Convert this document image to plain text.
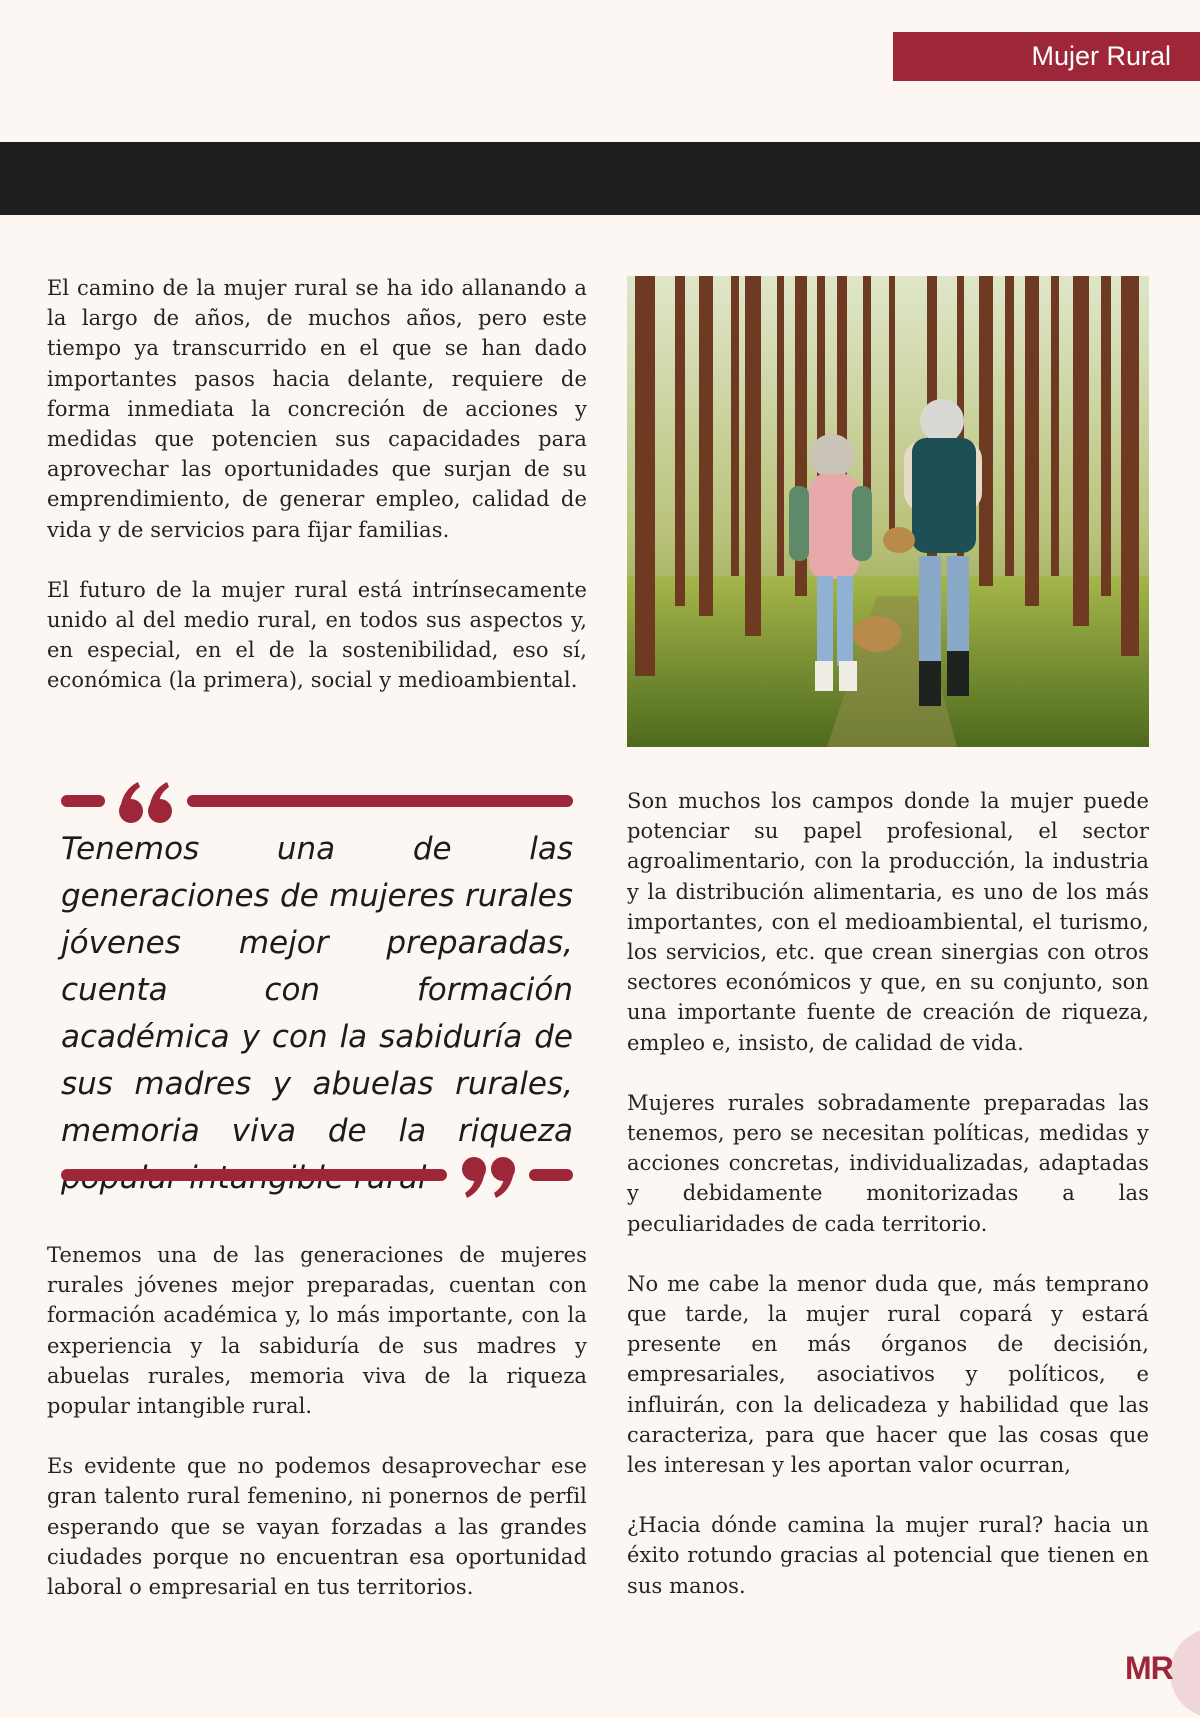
Mujer Rural

El camino de la mujer rural se ha ido allanando a la largo de años, de muchos años, pero este tiempo ya transcurrido en el que se han dado importantes pasos hacia delante, requiere de forma inmediata la concreción de acciones y medidas que potencien sus capacidades para aprovechar las oportunidades que surjan de su emprendimiento, de generar empleo, calidad de vida y de servicios para fijar familias.

El futuro de la mujer rural está intrínsecamente unido al del medio rural, en todos sus aspectos y, en especial, en el de la sostenibilidad, eso sí, económica (la primera), social y medioambiental.

Tenemos una de las generaciones de mujeres rurales jóvenes mejor preparadas, cuenta con formación académica y con la sabiduría de sus madres y abuelas rurales, memoria viva de la riqueza

Tenemos una de las generaciones de mujeres rurales jóvenes mejor preparadas, cuentan con formación académica y, lo más importante, con la experiencia y la sabiduría de sus madres y abuelas rurales, memoria viva de la riqueza popular intangible rural.

Es evidente que no podemos desaprovechar ese gran talento rural femenino, ni ponernos de perfil esperando que se vayan forzadas a las grandes ciudades porque no encuentran esa oportunidad laboral o empresarial en tus territorios.

Son muchos los campos donde la mujer puede potenciar su papel profesional, el sector agroalimentario, con la producción, la industria y la distribución alimentaria, es uno de los más importantes, con el medioambiental, el turismo, los servicios, etc. que crean sinergias con otros sectores económicos y que, en su conjunto, son una importante fuente de creación de riqueza, empleo e, insisto, de calidad de vida.

Mujeres rurales sobradamente preparadas las tenemos, pero se necesitan políticas, medidas y acciones concretas, individualizadas, adaptadas y debidamente monitorizadas a las peculiaridades de cada territorio.

No me cabe la menor duda que, más temprano que tarde, la mujer rural copará y estará presente en más órganos de decisión, empresariales, asociativos y políticos, e influirán, con la delicadeza y habilidad que las caracteriza, para que hacer que las cosas que les interesan y les aportan valor ocurran,

¿Hacia dónde camina la mujer rural? hacia un éxito rotundo gracias al potencial que tienen en sus manos.

MR
